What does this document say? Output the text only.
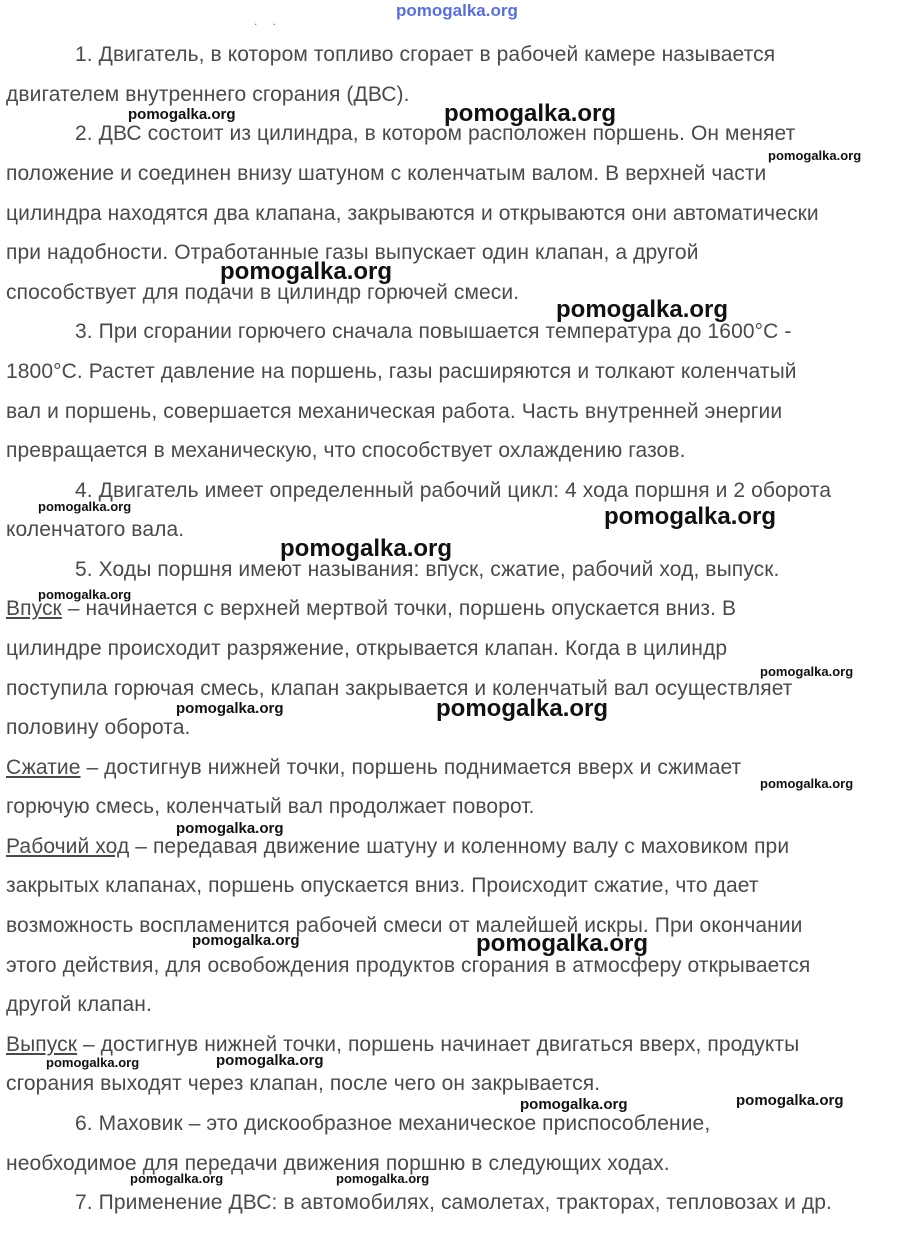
. .
pomogalka.org
1. Двигатель, в котором топливо сгорает в рабочей камере называется
двигателем внутреннего сгорания (ДВС).
2. ДВС состоит из цилиндра, в котором расположен поршень. Он меняет
положение и соединен внизу шатуном с коленчатым валом. В верхней части
цилиндра находятся два клапана, закрываются и открываются они автоматически
при надобности. Отработанные газы выпускает один клапан, а другой
способствует для подачи в цилиндр горючей смеси.
3. При сгорании горючего сначала повышается температура до 1600°С -
1800°С. Растет давление на поршень, газы расширяются и толкают коленчатый
вал и поршень, совершается механическая работа. Часть внутренней энергии
превращается в механическую, что способствует охлаждению газов.
4. Двигатель имеет определенный рабочий цикл: 4 хода поршня и 2 оборота
коленчатого вала.
5. Ходы поршня имеют называния: впуск, сжатие, рабочий ход, выпуск.
Впуск – начинается с верхней мертвой точки, поршень опускается вниз. В
цилиндре происходит разряжение, открывается клапан. Когда в цилиндр
поступила горючая смесь, клапан закрывается и коленчатый вал осуществляет
половину оборота.
Сжатие – достигнув нижней точки, поршень поднимается вверх и сжимает
горючую смесь, коленчатый вал продолжает поворот.
Рабочий ход – передавая движение шатуну и коленному валу с маховиком при
закрытых клапанах, поршень опускается вниз. Происходит сжатие, что дает
возможность воспламенится рабочей смеси от малейшей искры. При окончании
этого действия, для освобождения продуктов сгорания в атмосферу открывается
другой клапан.
Выпуск – достигнув нижней точки, поршень начинает двигаться вверх, продукты
сгорания выходят через клапан, после чего он закрывается.
6. Маховик – это дискообразное механическое приспособление,
необходимое для передачи движения поршню в следующих ходах.
7. Применение ДВС: в автомобилях, самолетах, тракторах, тепловозах и др.
pomogalka.org	pomogalka.org
pomogalka.org
pomogalka.org
pomogalka.org
pomogalka.org	pomogalka.org
pomogalka.org
pomogalka.org
pomogalka.org
pomogalka.org	pomogalka.org
pomogalka.org
pomogalka.org
pomogalka.org	pomogalka.org
pomogalka.org	pomogalka.org
pomogalka.org	pomogalka.org
pomogalka.org	pomogalka.org
